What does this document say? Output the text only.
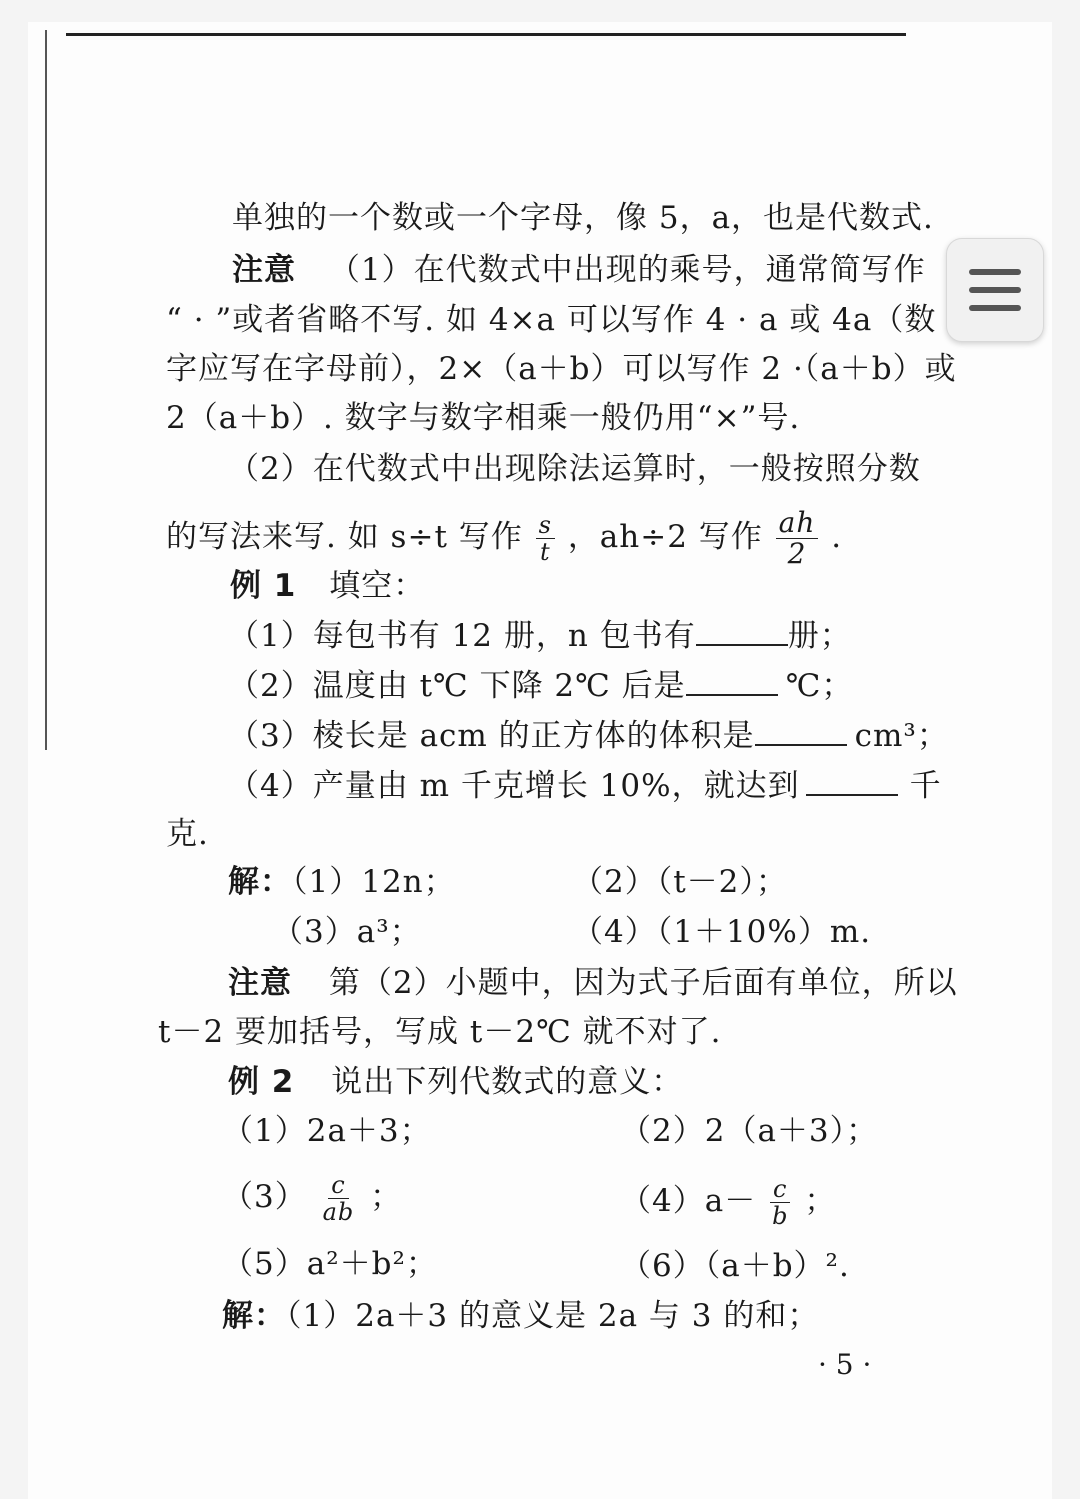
单独的一个数或一个字母，像 5，a，也是代数式.
注意 （1）在代数式中出现的乘号，通常简写作
“ · ”或者省略不写. 如 4×a 可以写作 4 · a 或 4a（数
字应写在字母前），2×（a＋b）可以写作 2 ·（a＋b）或
2（a＋b）. 数字与数字相乘一般仍用“×”号.
（2）在代数式中出现除法运算时，一般按照分数
的写法来写. 如 s÷t 写作 $\frac{s}{t}$ ，ah÷2 写作 $\frac{ah}{2}$ .
例 1 填空：
（1）每包书有 12 册，n 包书有	册；
（2）温度由 t℃ 下降 2℃ 后是	℃；
（3）棱长是 acm 的正方体的体积是	cm³；
（4）产量由 m 千克增长 10%，就达到	千
克.
解：（1）12n；	（2）（t－2）；
（3）a³；	（4）（1＋10%）m.
注意 第（2）小题中，因为式子后面有单位，所以
t－2 要加括号，写成 t－2℃ 就不对了.
例 2 说出下列代数式的意义：
（1）2a＋3；	（2）2（a＋3）；
$(3) \frac{c}{ab}$ ；	$(4)a- \frac{c}{b}$ ；
（5）a²＋b²；	（6）（a＋b）².
解：（1）2a＋3 的意义是 2a 与 3 的和；
· 5 ·
